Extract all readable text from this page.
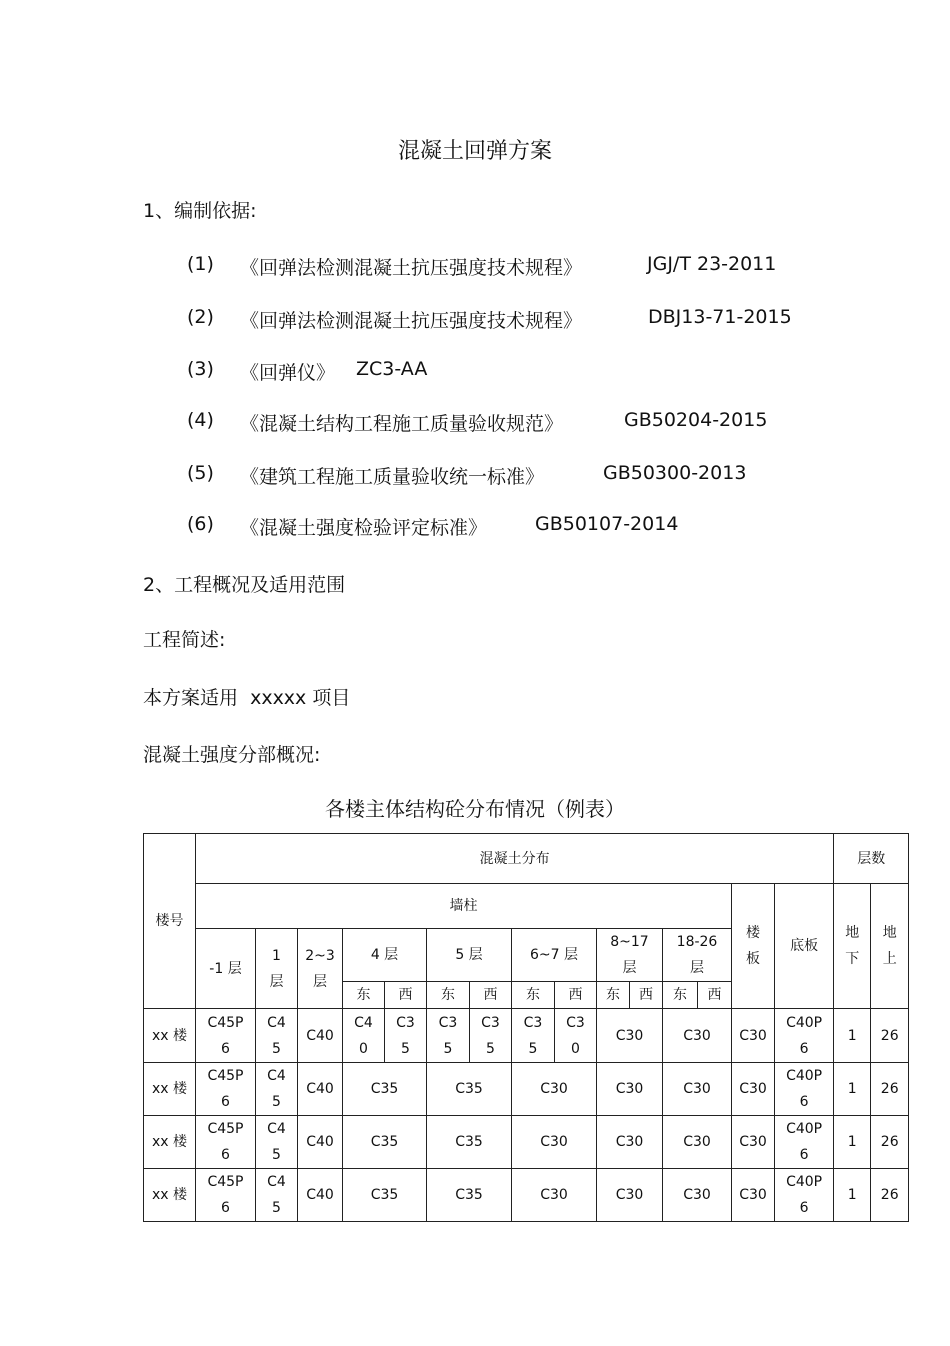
混凝土回弹方案
1、编制依据:
(1) 《回弹法检测混凝土抗压强度技术规程》	JGJ/T 23-2011
(2) 《回弹法检测混凝土抗压强度技术规程》	DBJ13-71-2015
(3) 《回弹仪》 ZC3-AA
(4) 《混凝土结构工程施工质量验收规范》	GB50204-2015
(5) 《建筑工程施工质量验收统一标准》	GB50300-2013
(6) 《混凝土强度检验评定标准》	GB50107-2014
2、工程概况及适用范围
工程简述:
本方案适用  xxxxx 项目
混凝土强度分部概况:
各楼主体结构砼分布情况（例表）
楼号	混凝土分布															层数	
	墙柱													楼板	底板	地下	地上

	-1 层	1层	2~3层	4 层		5 层		6~7 层		8~17层		18-26层					

				东	西	东	西	东	西	东	西	东	西				
xx 楼	C45P6	C45	C40	C40	C35	C35	C35	C35	C30	C30		C30		C30	C40P6	1	26
xx 楼	C45P6	C45	C40	C35		C35		C30		C30		C30		C30	C40P6	1	26
xx 楼	C45P6	C45	C40	C35		C35		C30		C30		C30		C30	C40P6	1	26
xx 楼	C45P6	C45	C40	C35		C35		C30		C30		C30		C30	C40P6	1	26
